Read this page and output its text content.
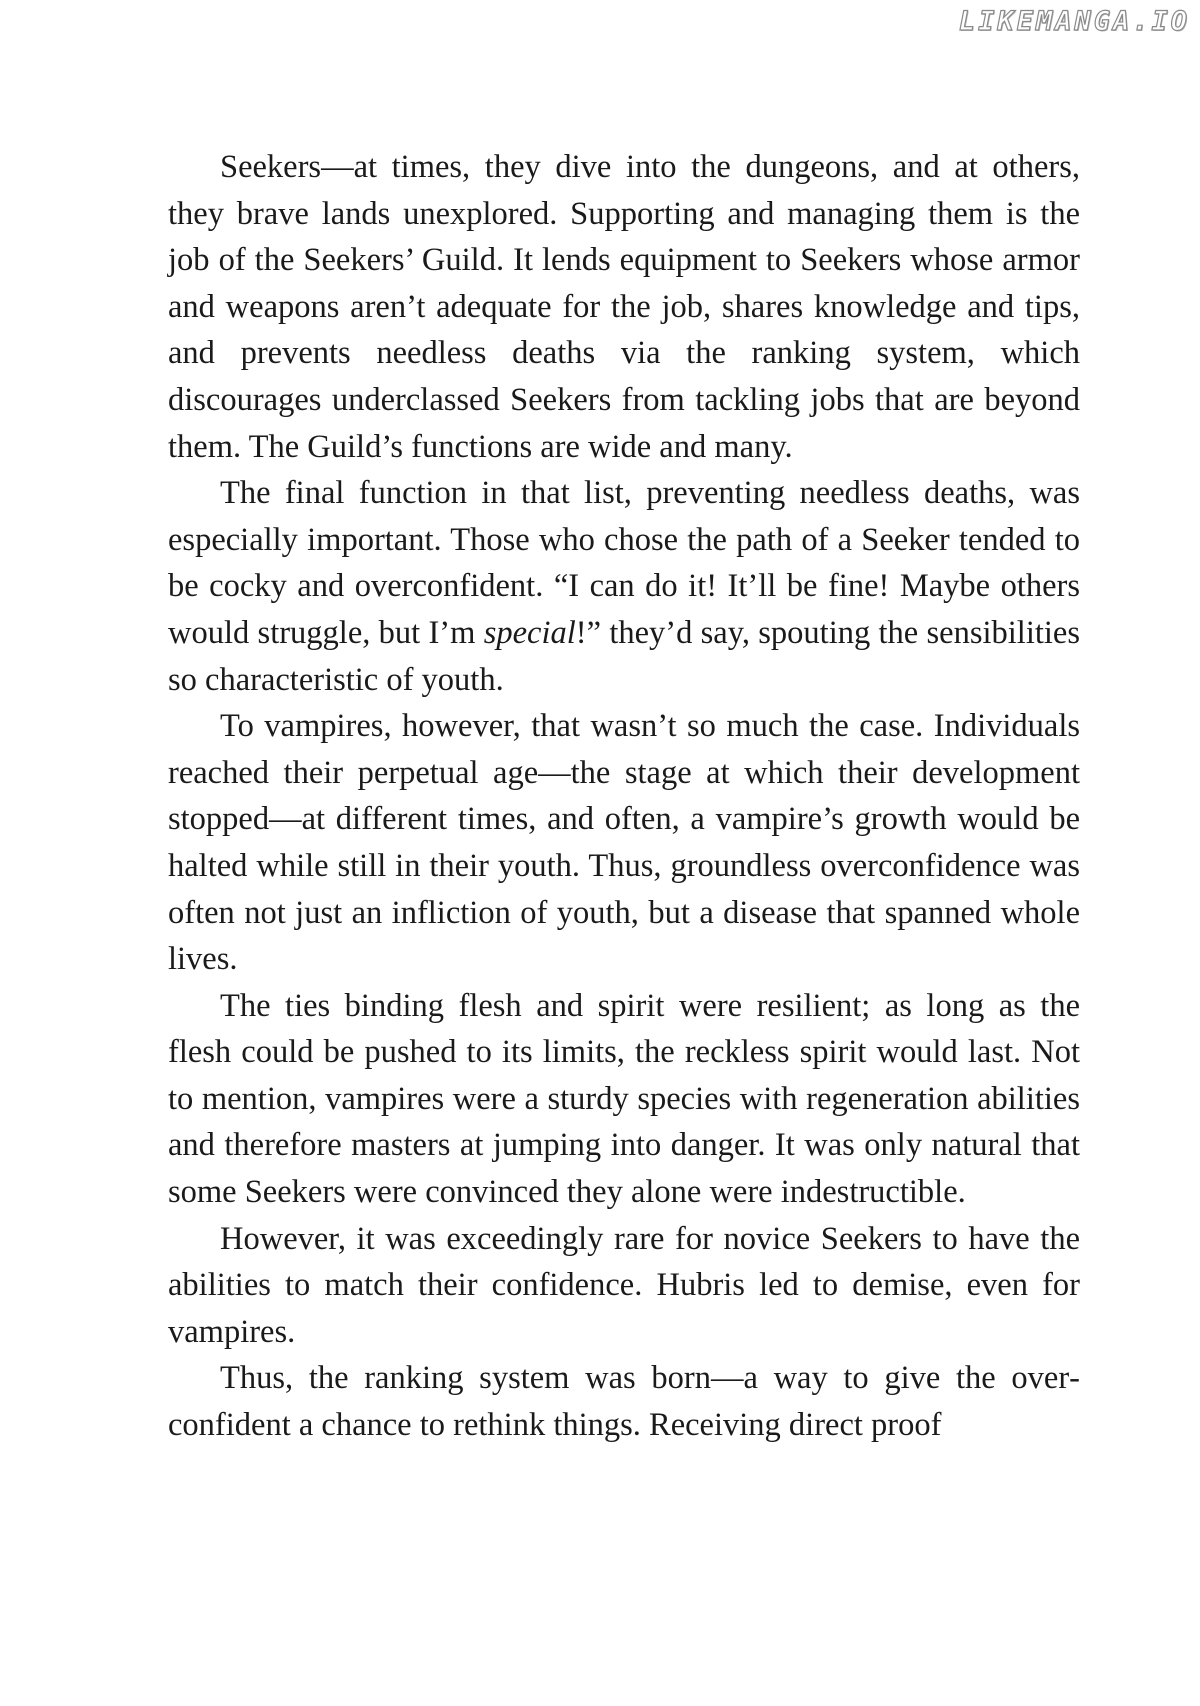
LIKEMANGA.IO

Seekers—at times, they dive into the dungeons, and at others, they brave lands unexplored. Supporting and managing them is the job of the Seekers’ Guild. It lends equipment to Seekers whose armor and weapons aren’t adequate for the job, shares knowledge and tips, and prevents needless deaths via the ranking system, which discourages underclassed Seekers from tackling jobs that are beyond them. The Guild’s functions are wide and many.

The final function in that list, preventing needless deaths, was especially important. Those who chose the path of a Seeker tended to be cocky and overconfident. “I can do it! It’ll be fine! Maybe others would struggle, but I’m special!” they’d say, spouting the sensibilities so characteristic of youth.

To vampires, however, that wasn’t so much the case. Individuals reached their perpetual age—the stage at which their development stopped—at different times, and often, a vampire’s growth would be halted while still in their youth. Thus, groundless overconfidence was often not just an infliction of youth, but a disease that spanned whole lives.

The ties binding flesh and spirit were resilient; as long as the flesh could be pushed to its limits, the reckless spirit would last. Not to mention, vampires were a sturdy species with regeneration abilities and therefore masters at jumping into danger. It was only natural that some Seekers were convinced they alone were indestructible.

However, it was exceedingly rare for novice Seekers to have the abilities to match their confidence. Hubris led to demise, even for vampires.

Thus, the ranking system was born—a way to give the overconfident a chance to rethink things. Receiving direct proof
